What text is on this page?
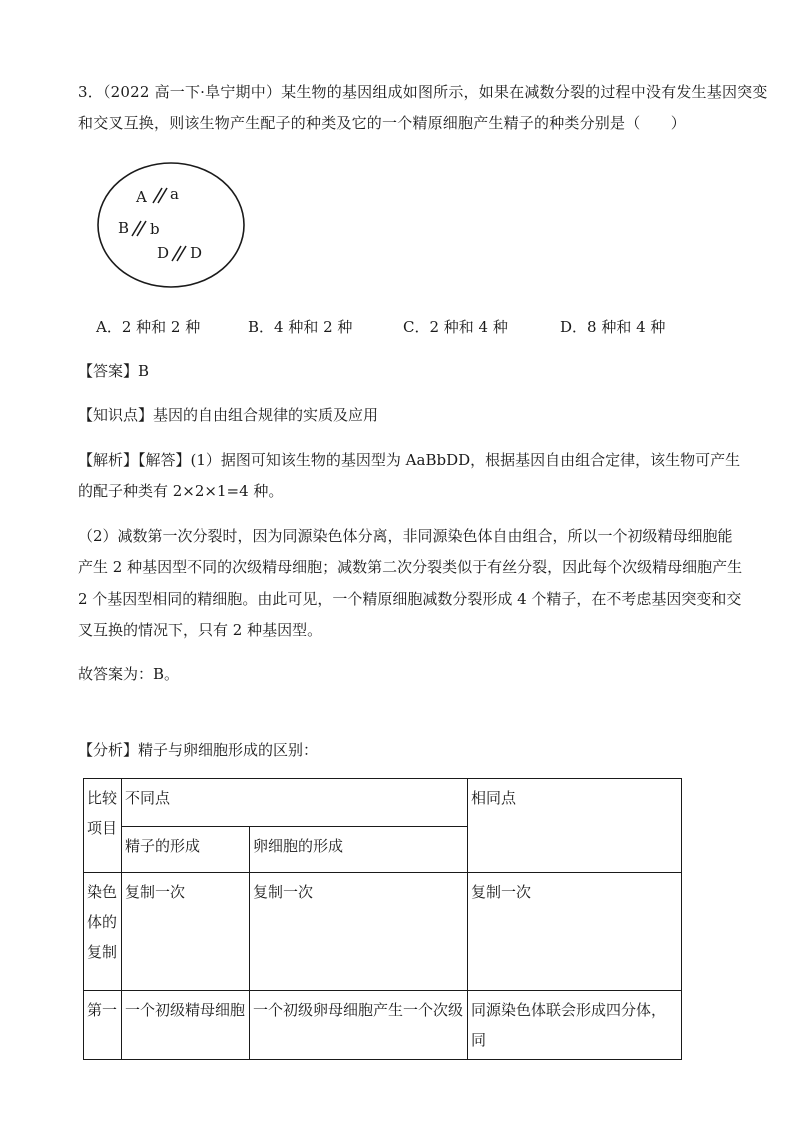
3．（2022 高一下·阜宁期中）某生物的基因组成如图所示，如果在减数分裂的过程中没有发生基因突变
和交叉互换，则该生物产生配子的种类及它的一个精原细胞产生精子的种类分别是（　　）
A a
B b
D D
A．2 种和 2 种	B．4 种和 2 种	C．2 种和 4 种	D．8 种和 4 种
【答案】B
【知识点】基因的自由组合规律的实质及应用
【解析】【解答】(1）据图可知该生物的基因型为 AaBbDD，根据基因自由组合定律，该生物可产生
的配子种类有 2×2×1=4 种。
（2）减数第一次分裂时，因为同源染色体分离，非同源染色体自由组合，所以一个初级精母细胞能
产生 2 种基因型不同的次级精母细胞；减数第二次分裂类似于有丝分裂，因此每个次级精母细胞产生
2 个基因型相同的精细胞。由此可见，一个精原细胞减数分裂形成 4 个精子，在不考虑基因突变和交
叉互换的情况下，只有 2 种基因型。
故答案为：B。
【分析】精子与卵细胞形成的区别：
比较
项目	不同点		相同点
	精子的形成	卵细胞的形成	

染色
体的
复制	复制一次	复制一次	复制一次
第一	一个初级精母细胞	一个初级卵母细胞产生一个次级	同源染色体联会形成四分体，同
